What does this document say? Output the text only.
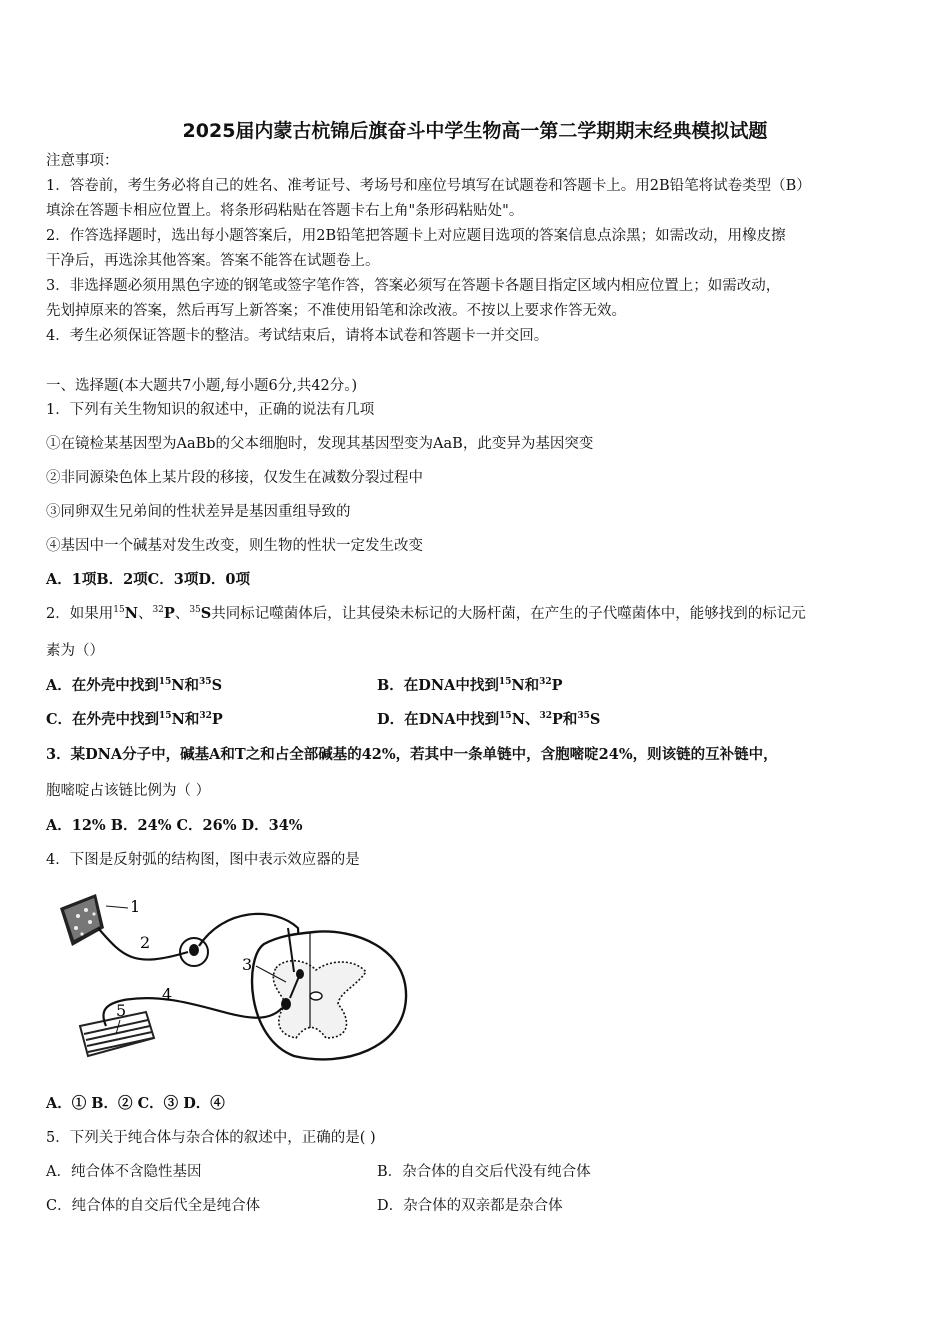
2025届内蒙古杭锦后旗奋斗中学生物高一第二学期期末经典模拟试题
注意事项：
1．答卷前，考生务必将自己的姓名、准考证号、考场号和座位号填写在试题卷和答题卡上。用2B铅笔将试卷类型（B）
填涂在答题卡相应位置上。将条形码粘贴在答题卡右上角"条形码粘贴处"。
2．作答选择题时，选出每小题答案后，用2B铅笔把答题卡上对应题目选项的答案信息点涂黑；如需改动，用橡皮擦
干净后，再选涂其他答案。答案不能答在试题卷上。
3．非选择题必须用黑色字迹的钢笔或签字笔作答，答案必须写在答题卡各题目指定区域内相应位置上；如需改动，
先划掉原来的答案，然后再写上新答案；不准使用铅笔和涂改液。不按以上要求作答无效。
4．考生必须保证答题卡的整洁。考试结束后，请将本试卷和答题卡一并交回。
一、选择题(本大题共7小题,每小题6分,共42分。)
1．下列有关生物知识的叙述中，正确的说法有几项
①在镜检某基因型为AaBb的父本细胞时，发现其基因型变为AaB，此变异为基因突变
②非同源染色体上某片段的移接，仅发生在减数分裂过程中
③同卵双生兄弟间的性状差异是基因重组导致的
④基因中一个碱基对发生改变，则生物的性状一定发生改变
A．1项B．2项C．3项D．0项
2．如果用$^{15}$N、$^{32}$P、$^{35}$S共同标记噬菌体后，让其侵染未标记的大肠杆菌，在产生的子代噬菌体中，能够找到的标记元
素为（）
A．在外壳中找到$^{15}$N和$^{35}$S	B．在DNA中找到$^{15}$N和$^{32}$P
C．在外壳中找到$^{15}$N和$^{32}$P	D．在DNA中找到$^{15}$N、$^{32}$P和$^{35}$S
3．某DNA分子中，碱基A和T之和占全部碱基的42%，若其中一条单链中，含胞嘧啶24%，则该链的互补链中，
胞嘧啶占该链比例为（ ）
A．12% B．24% C．26% D．34%
4．下图是反射弧的结构图，图中表示效应器的是
1
2
3
4
5
A．① B．② C．③ D．④
5．下列关于纯合体与杂合体的叙述中，正确的是( )
A．纯合体不含隐性基因	B．杂合体的自交后代没有纯合体
C．纯合体的自交后代全是纯合体	D．杂合体的双亲都是杂合体
